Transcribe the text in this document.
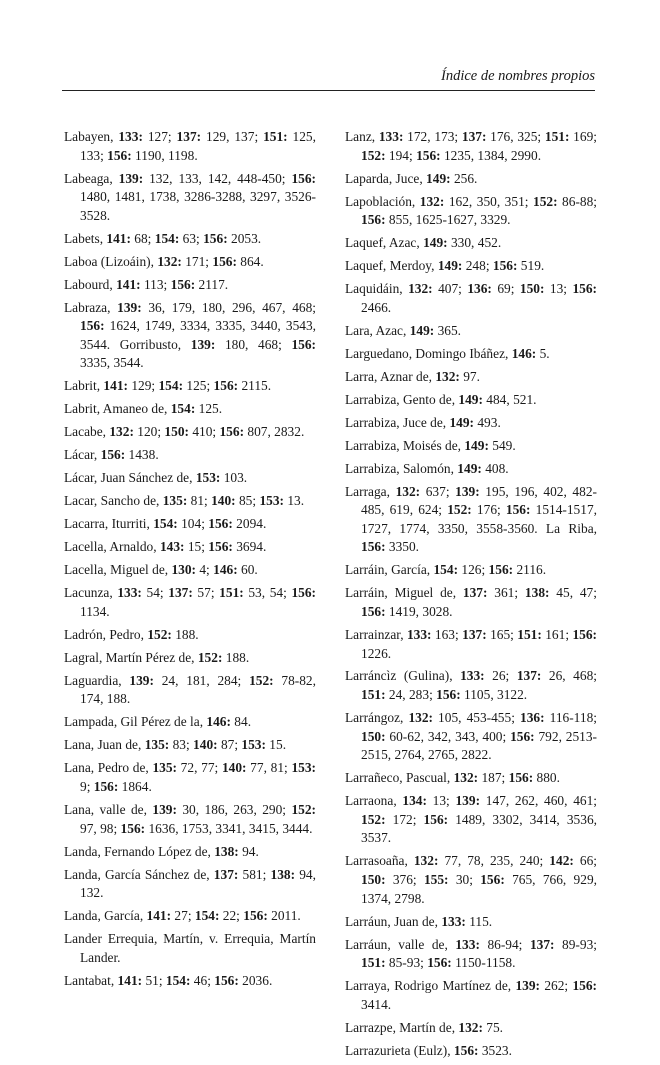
Índice de nombres propios
Labayen, 133: 127; 137: 129, 137; 151: 125, 133; 156: 1190, 1198.
Labeaga, 139: 132, 133, 142, 448-450; 156: 1480, 1481, 1738, 3286-3288, 3297, 3526-3528.
Labets, 141: 68; 154: 63; 156: 2053.
Laboa (Lizoáin), 132: 171; 156: 864.
Labourd, 141: 113; 156: 2117.
Labraza, 139: 36, 179, 180, 296, 467, 468; 156: 1624, 1749, 3334, 3335, 3440, 3543, 3544. Gorribusto, 139: 180, 468; 156: 3335, 3544.
Labrit, 141: 129; 154: 125; 156: 2115.
Labrit, Amaneo de, 154: 125.
Lacabe, 132: 120; 150: 410; 156: 807, 2832.
Lácar, 156: 1438.
Lácar, Juan Sánchez de, 153: 103.
Lacar, Sancho de, 135: 81; 140: 85; 153: 13.
Lacarra, Iturriti, 154: 104; 156: 2094.
Lacella, Arnaldo, 143: 15; 156: 3694.
Lacella, Miguel de, 130: 4; 146: 60.
Lacunza, 133: 54; 137: 57; 151: 53, 54; 156: 1134.
Ladrón, Pedro, 152: 188.
Lagral, Martín Pérez de, 152: 188.
Laguardia, 139: 24, 181, 284; 152: 78-82, 174, 188.
Lampada, Gil Pérez de la, 146: 84.
Lana, Juan de, 135: 83; 140: 87; 153: 15.
Lana, Pedro de, 135: 72, 77; 140: 77, 81; 153: 9; 156: 1864.
Lana, valle de, 139: 30, 186, 263, 290; 152: 97, 98; 156: 1636, 1753, 3341, 3415, 3444.
Landa, Fernando López de, 138: 94.
Landa, García Sánchez de, 137: 581; 138: 94, 132.
Landa, García, 141: 27; 154: 22; 156: 2011.
Lander Errequia, Martín, v. Errequia, Martín Lander.
Lantabat, 141: 51; 154: 46; 156: 2036.
Lanz, 133: 172, 173; 137: 176, 325; 151: 169; 152: 194; 156: 1235, 1384, 2990.
Laparda, Juce, 149: 256.
Lapoblación, 132: 162, 350, 351; 152: 86-88; 156: 855, 1625-1627, 3329.
Laquef, Azac, 149: 330, 452.
Laquef, Merdoy, 149: 248; 156: 519.
Laquidáin, 132: 407; 136: 69; 150: 13; 156: 2466.
Lara, Azac, 149: 365.
Larguedano, Domingo Ibáñez, 146: 5.
Larra, Aznar de, 132: 97.
Larrabiza, Gento de, 149: 484, 521.
Larrabiza, Juce de, 149: 493.
Larrabiza, Moisés de, 149: 549.
Larrabiza, Salomón, 149: 408.
Larraga, 132: 637; 139: 195, 196, 402, 482-485, 619, 624; 152: 176; 156: 1514-1517, 1727, 1774, 3350, 3558-3560. La Riba, 156: 3350.
Larráin, García, 154: 126; 156: 2116.
Larráin, Miguel de, 137: 361; 138: 45, 47; 156: 1419, 3028.
Larrainzar, 133: 163; 137: 165; 151: 161; 156: 1226.
Larráncìz (Gulina), 133: 26; 137: 26, 468; 151: 24, 283; 156: 1105, 3122.
Larrángoz, 132: 105, 453-455; 136: 116-118; 150: 60-62, 342, 343, 400; 156: 792, 2513-2515, 2764, 2765, 2822.
Larrañeco, Pascual, 132: 187; 156: 880.
Larraona, 134: 13; 139: 147, 262, 460, 461; 152: 172; 156: 1489, 3302, 3414, 3536, 3537.
Larrasoaña, 132: 77, 78, 235, 240; 142: 66; 150: 376; 155: 30; 156: 765, 766, 929, 1374, 2798.
Larráun, Juan de, 133: 115.
Larráun, valle de, 133: 86-94; 137: 89-93; 151: 85-93; 156: 1150-1158.
Larraya, Rodrigo Martínez de, 139: 262; 156: 3414.
Larrazpe, Martín de, 132: 75.
Larrazurieta (Eulz), 156: 3523.
